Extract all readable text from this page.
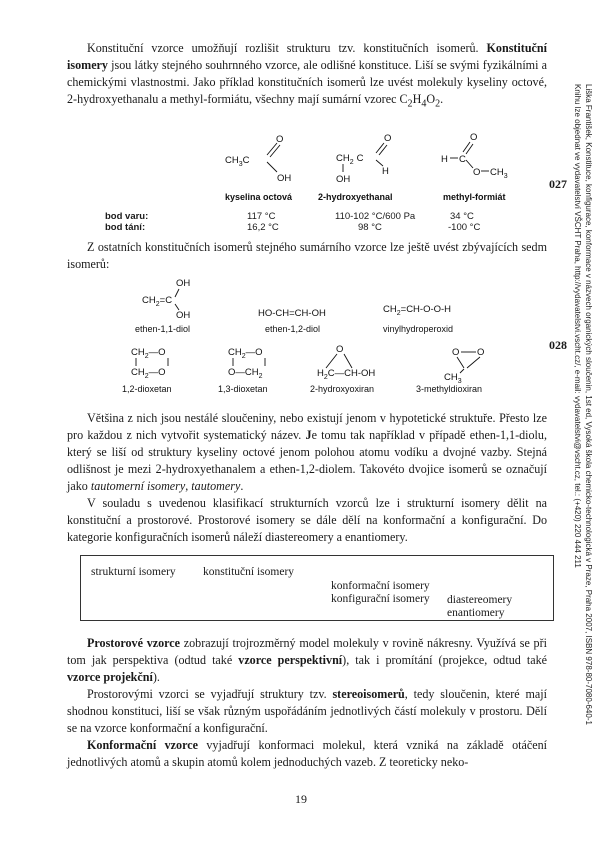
Konstituční vzorce umožňují rozlišit strukturu tzv. konstitučních isomerů. Konstituční isomery jsou látky stejného souhrnného vzorce, ale odlišné konstituce. Liší se svými fyzikálními a chemickými vlastnostmi. Jako příklad konstitučních isomerů lze uvést molekuly kyseliny octové, 2-hydroxyethanalu a methyl-formiátu, všechny mají sumární vzorec $C_2H_4O_2$.

$CH_3C$
O
OH
kyselina octová
$CH_2$ C
O
H
OH
2-hydroxyethanal
H C
O
O $CH_3$
methyl-formiát
bod varu:
bod tání:
117 °C
16,2 °C
110-102 °C/600 Pa
98 °C
34 °C
-100 °C
027

Z ostatních konstitučních isomerů stejného sumárního vzorce lze ještě uvést zbývajících sedm isomerů:

OH
$CH_2=C$
OH
ethen-1,1-diol
HO-CH=CH-OH
ethen-1,2-diol
$CH_2=CH-O-O-H$
vinylhydroperoxid
$CH_2—O$
$CH_2—O$
1,2-dioxetan
$CH_2—O$
$O—CH_2$
1,3-dioxetan
O
$H_2C—CH-OH$
2-hydroxyoxiran
O O
$CH_3$
3-methyldioxiran
028

Většina z nich jsou nestálé sloučeniny, nebo existují jenom v hypotetické struktuře. Přesto lze pro každou z nich vytvořit systematický název. Je tomu tak například v případě ethen-1,1-diolu, který se liší od struktury kyseliny octové jenom polohou atomu vodíku a dvojné vazby. Stejná odlišnost je mezi 2-hydroxyethanalem a ethen-1,2-diolem. Takovéto dvojice isomerů se označují jako tautomerní isomery, tautomery.

V souladu s uvedenou klasifikací strukturních vzorců lze i strukturní isomery dělit na konstituční a prostorové. Prostorové isomery se dále dělí na konformační a konfigurační. Do kategorie konfiguračních isomerů náleží diastereomery a enantiomery.

strukturní isomery konstituční isomery
konformační isomery
konfigurační isomery diastereomery
enantiomery

Prostorové vzorce zobrazují trojrozměrný model molekuly v rovině nákresny. Využívá se při tom jak perspektiva (odtud také vzorce perspektivní), tak i promítání (projekce, odtud také vzorce projekční).

Prostorovými vzorci se vyjadřují struktury tzv. stereoisomerů, tedy sloučenin, které mají shodnou konstituci, liší se však různým uspořádáním jednotlivých částí molekuly v prostoru. Dělí se na vzorce konformační a konfigurační.

Konformační vzorce vyjadřují konformaci molekul, která vzniká na základě otáčení jednotlivých atomů a skupin atomů kolem jednoduchých vazeb. Z teoreticky neko-

19
Liška František, Konstituce, konfigurace, konformace v názvech organických sloučenin, 1st ed, Vysoká škola chemicko-technologická v Praze, Praha 2007, ISBN 978-80-7080-640-1
Knihu lze objednat ve vydavatelství VŠCHT Praha, http://vydavatelstvi.vscht.cz/, e-mail: vydavatelstvi@vscht.cz, tel.: (+420) 220 444 211
